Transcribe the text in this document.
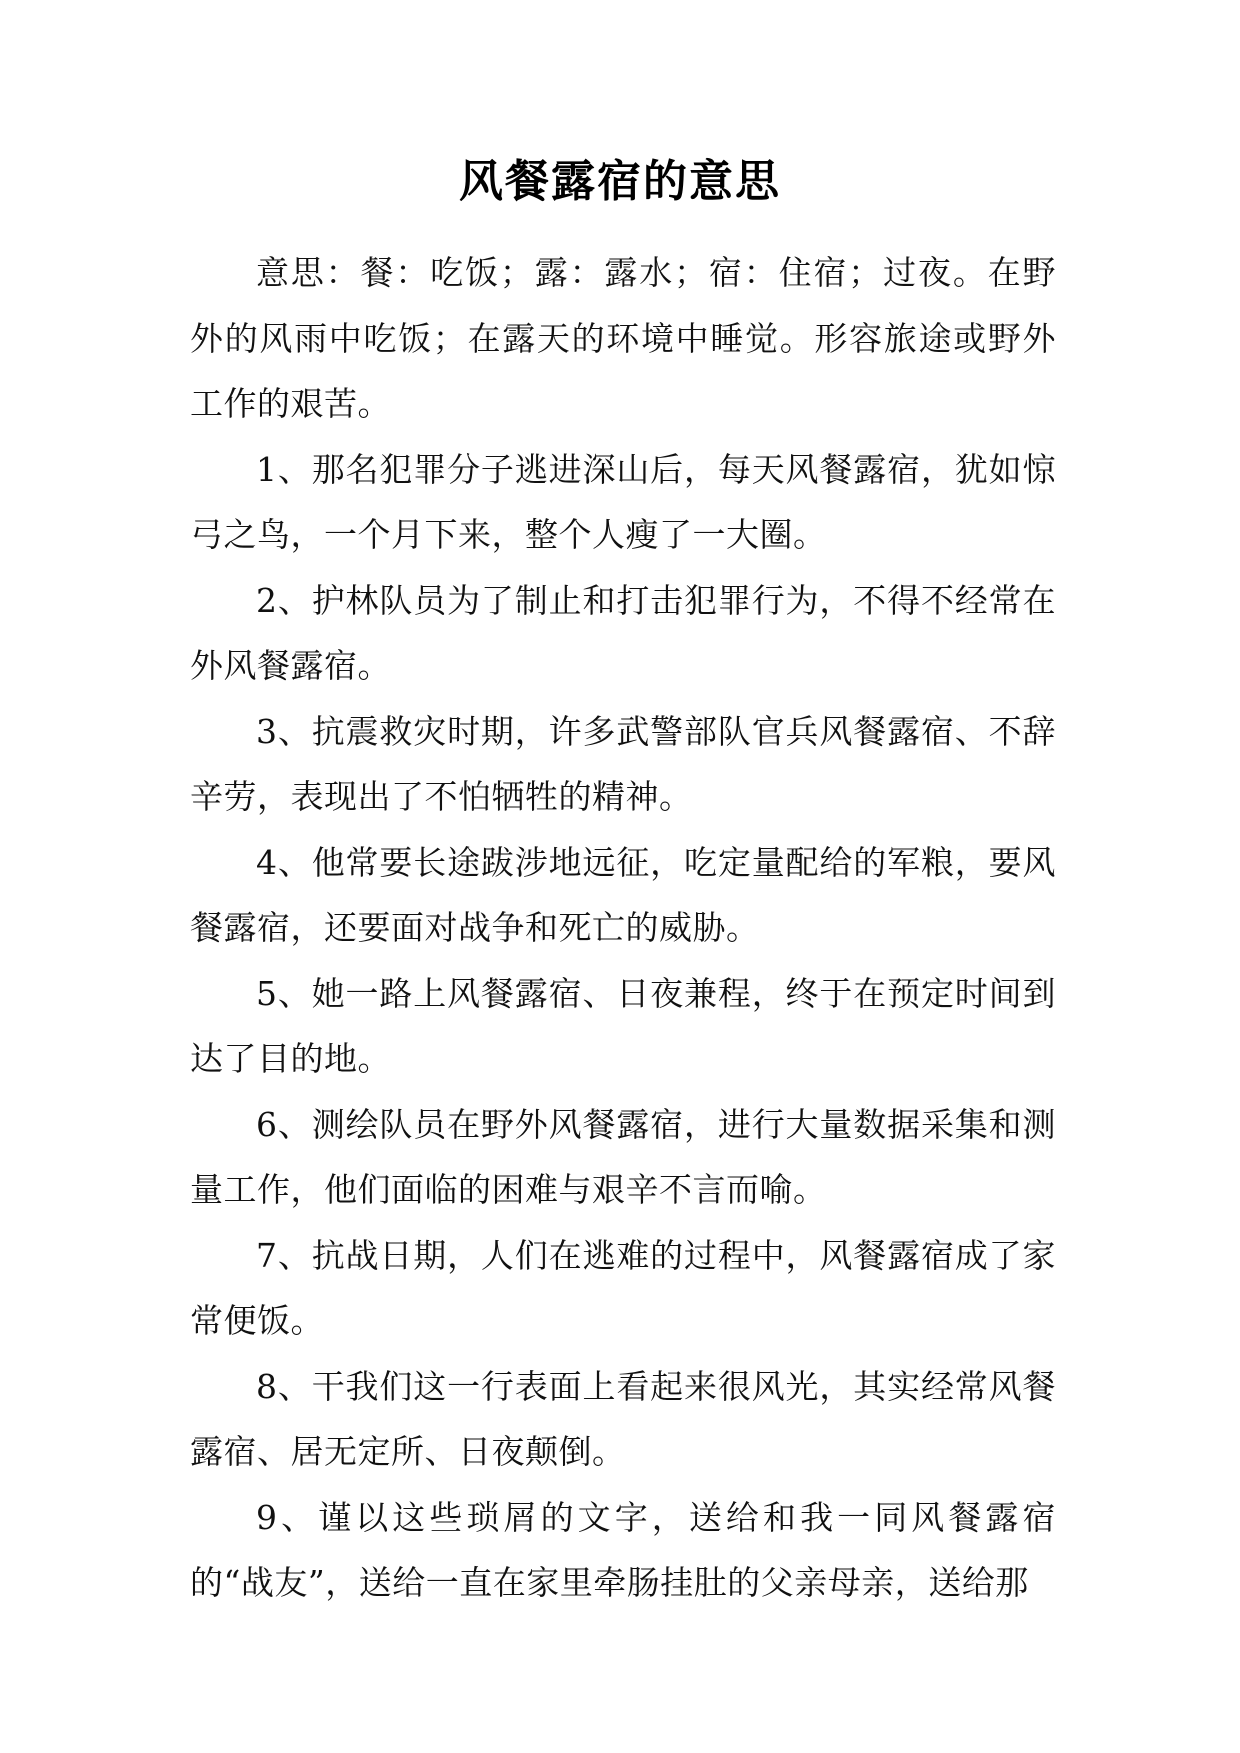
风餐露宿的意思

意思：餐：吃饭；露：露水；宿：住宿；过夜。在野外的风雨中吃饭；在露天的环境中睡觉。形容旅途或野外工作的艰苦。

1、那名犯罪分子逃进深山后，每天风餐露宿，犹如惊弓之鸟，一个月下来，整个人瘦了一大圈。

2、护林队员为了制止和打击犯罪行为，不得不经常在外风餐露宿。

3、抗震救灾时期，许多武警部队官兵风餐露宿、不辞辛劳，表现出了不怕牺牲的精神。

4、他常要长途跋涉地远征，吃定量配给的军粮，要风餐露宿，还要面对战争和死亡的威胁。

5、她一路上风餐露宿、日夜兼程，终于在预定时间到达了目的地。

6、测绘队员在野外风餐露宿，进行大量数据采集和测量工作，他们面临的困难与艰辛不言而喻。

7、抗战日期，人们在逃难的过程中，风餐露宿成了家常便饭。

8、干我们这一行表面上看起来很风光，其实经常风餐露宿、居无定所、日夜颠倒。

9、谨以这些琐屑的文字，送给和我一同风餐露宿的“战友”，送给一直在家里牵肠挂肚的父亲母亲，送给那
